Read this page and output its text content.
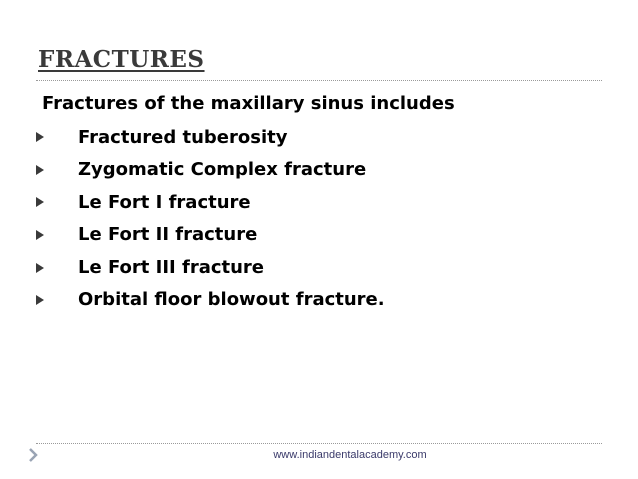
FRACTURES

Fractures of the maxillary sinus includes

Fractured tuberosity
Zygomatic Complex fracture
Le Fort I fracture
Le Fort II fracture
Le Fort III fracture
Orbital floor blowout fracture.
www.indiandentalacademy.com
